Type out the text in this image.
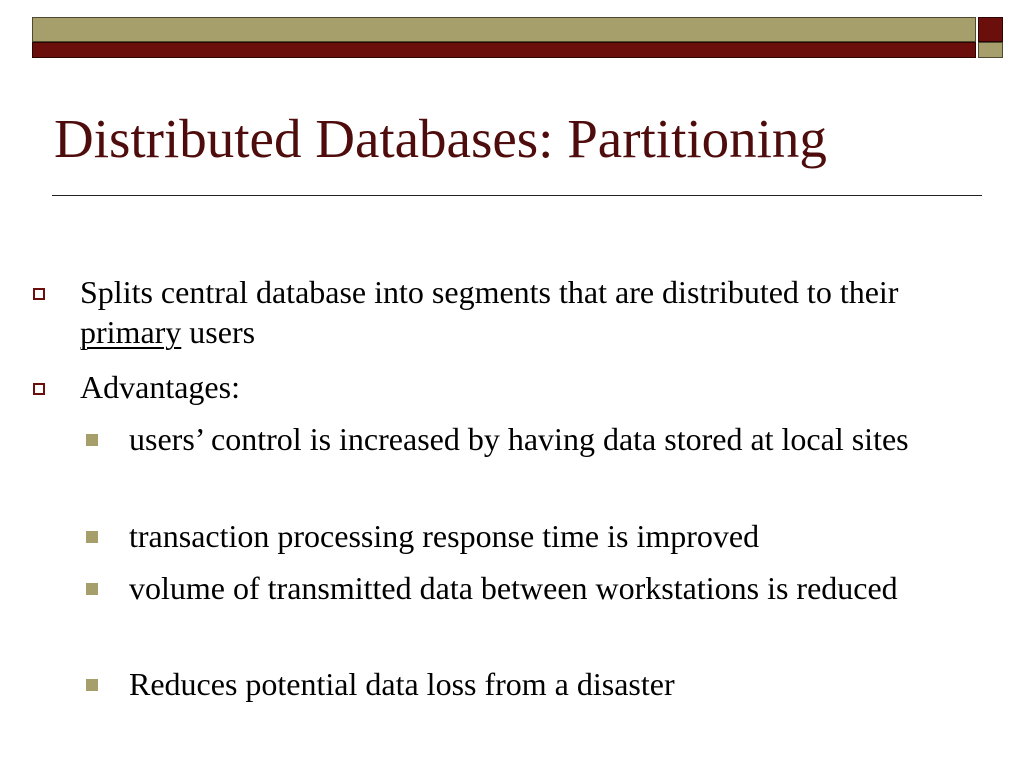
Distributed Databases: Partitioning

Splits central database into segments that are distributed to their primary users

Advantages:

users’ control is increased by having data stored at local sites

transaction processing response time is improved

volume of transmitted data between workstations is reduced

Reduces potential data loss from a disaster
